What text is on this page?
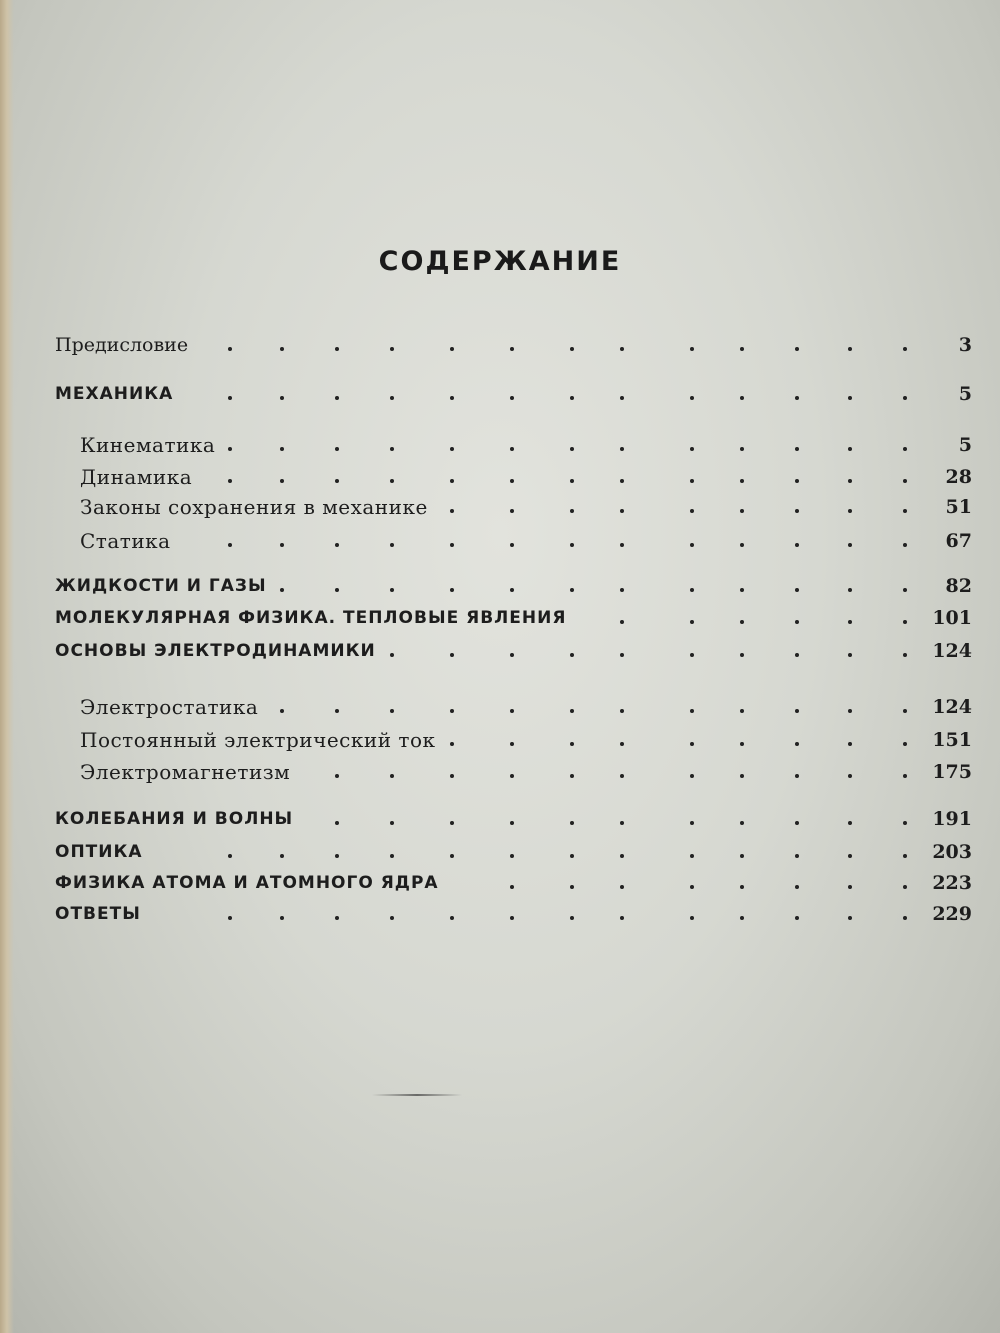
СОДЕРЖАНИЕ
Предисловие	3
МЕХАНИКА	5
Кинематика	5
Динамика	28
Законы сохранения в механике	51
Статика	67
ЖИДКОСТИ И ГАЗЫ	82
МОЛЕКУЛЯРНАЯ ФИЗИКА. ТЕПЛОВЫЕ ЯВЛЕНИЯ	101
ОСНОВЫ ЭЛЕКТРОДИНАМИКИ	124
Электростатика	124
Постоянный электрический ток	151
Электромагнетизм	175
КОЛЕБАНИЯ И ВОЛНЫ	191
ОПТИКА	203
ФИЗИКА АТОМА И АТОМНОГО ЯДРА	223
ОТВЕТЫ	229
